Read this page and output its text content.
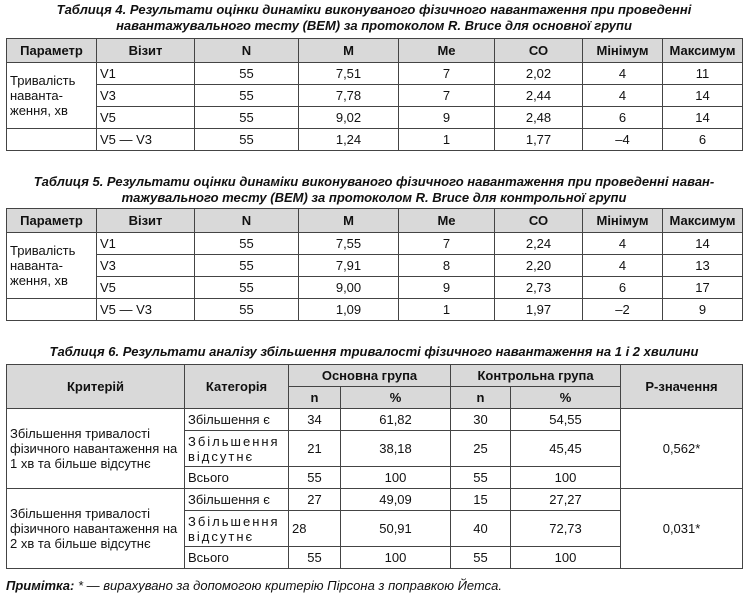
Таблиця 4. Результати оцінки динаміки виконуваного фізичного навантаження при проведенні
навантажувального тесту (ВЕМ) за протоколом R. Bruce для основної групи
Параметр	Візит	N	M	Me	СО	Мінімум	Максимум
Тривалість наванта-ження, хв	V1	55	7,51	7	2,02	4	11
	V3	55	7,78	7	2,44	4	14
	V5	55	9,02	9	2,48	6	14
	V5 — V3	55	1,24	1	1,77	–4	6
Таблиця 5. Результати оцінки динаміки виконуваного фізичного навантаження при проведенні наван-
тажувального тесту (ВЕМ) за протоколом R. Bruce для контрольної групи
Параметр	Візит	N	M	Me	СО	Мінімум	Максимум
Тривалість наванта-ження, хв	V1	55	7,55	7	2,24	4	14
	V3	55	7,91	8	2,20	4	13
	V5	55	9,00	9	2,73	6	17
	V5 — V3	55	1,09	1	1,97	–2	9
Таблиця 6. Результати аналізу збільшення тривалості фізичного навантаження на 1 і 2 хвилини
Критерій	Категорія	Основна група		Контрольна група		Р-значення
		n	%	n	%	
Збільшення тривалості фізичного навантаження на 1 хв та більше відсутнє	Збільшення є	34	61,82	30	54,55	0,562*
	Збільшення відсутнє	21	38,18	25	45,45	
	Всього	55	100	55	100	
Збільшення тривалості фізичного навантаження на 2 хв та більше відсутнє	Збільшення є	27	49,09	15	27,27	0,031*
	Збільшення відсутнє	28	50,91	40	72,73	
	Всього	55	100	55	100	
Примітка: * — вирахувано за допомогою критерію Пірсона з поправкою Йетса.
